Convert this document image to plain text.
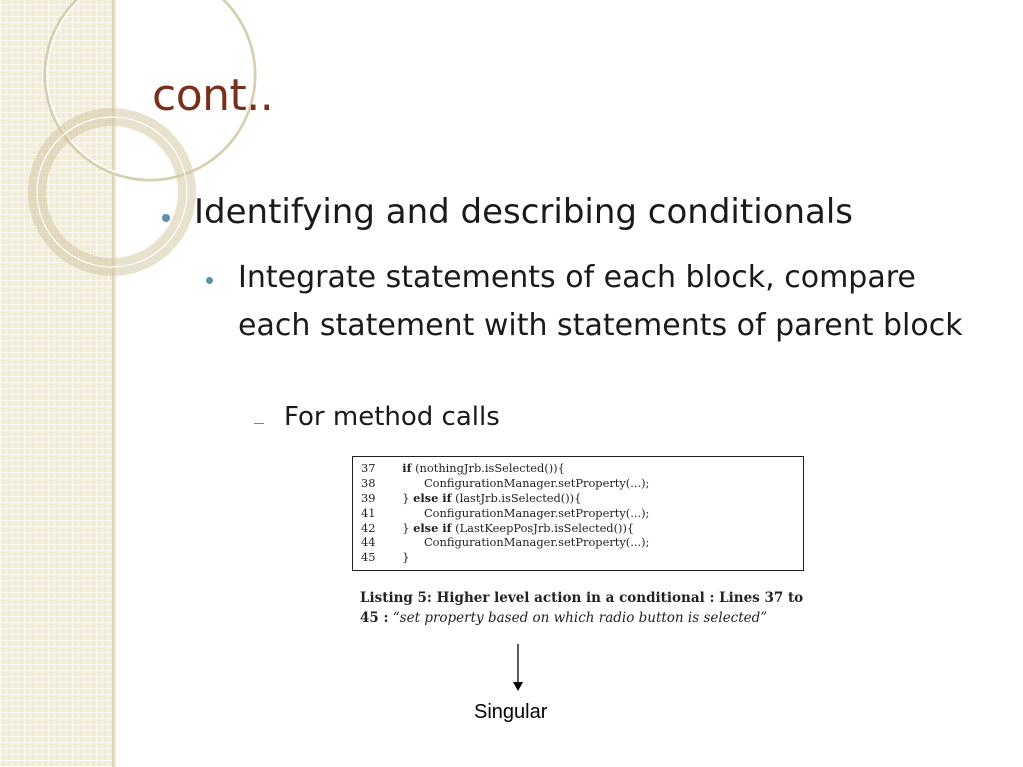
cont..
Identifying and describing conditionals
Integrate statements of each block, compare each statement with statements of parent block
For method calls
37 if (nothingJrb.isSelected()){
38        ConfigurationManager.setProperty(...);
39  } else if (lastJrb.isSelected()){
41        ConfigurationManager.setProperty(...);
42  } else if (LastKeepPosJrb.isSelected()){
44        ConfigurationManager.setProperty(...);
45  }
Listing 5: Higher level action in a conditional : Lines 37 to 45 : “set property based on which radio button is selected”
Singular
